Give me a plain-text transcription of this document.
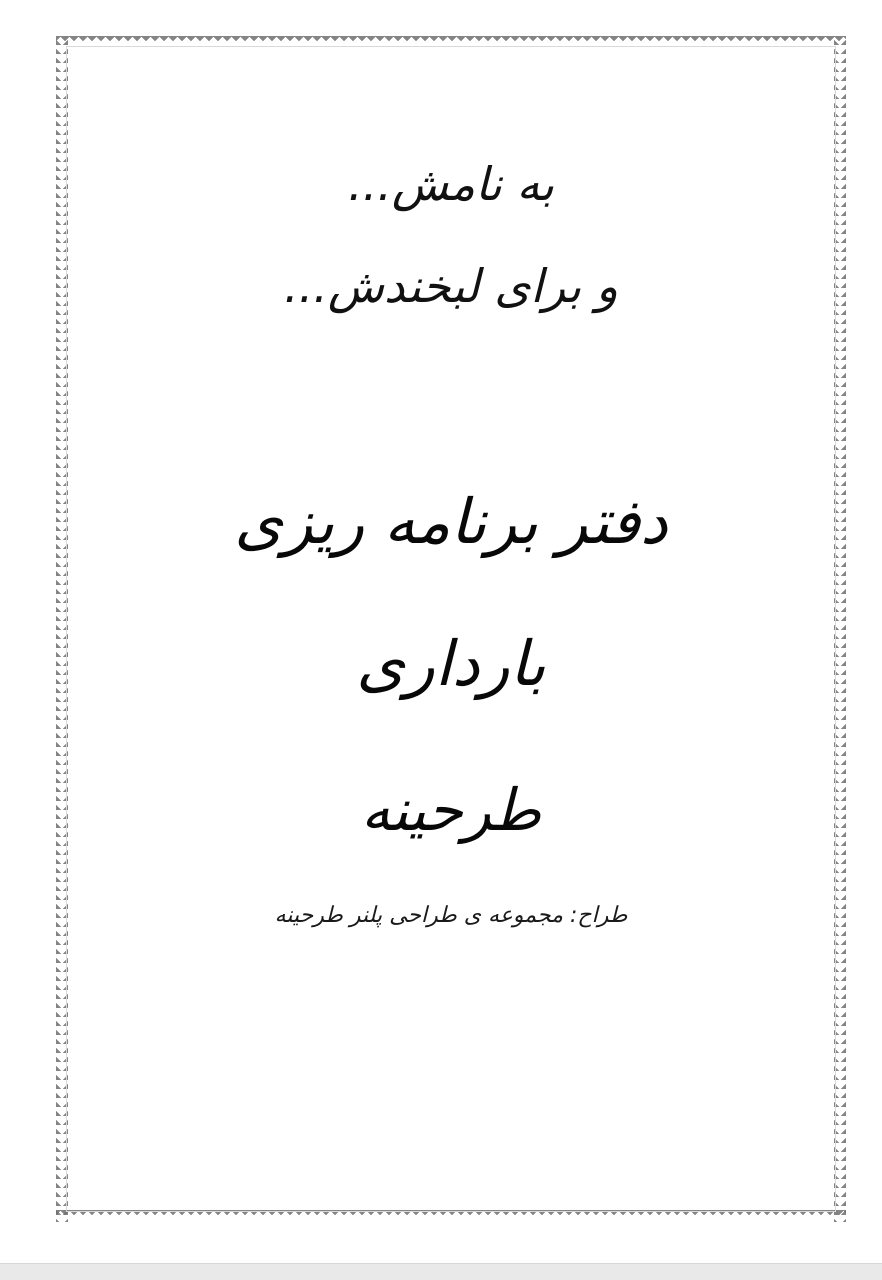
به نامش...
و برای لبخندش...
دفتر برنامه ریزی
بارداری
طرحینه
طراح: مجموعه ی طراحی پلنر طرحینه
